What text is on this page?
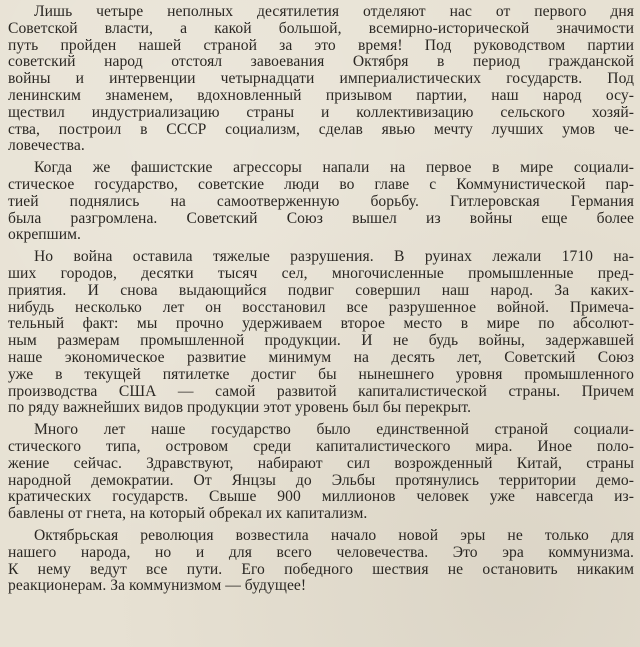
Лишь четыре неполных десятилетия отделяют нас от первого дня
Советской власти, а какой большой, всемирно-исторической значимости
путь пройден нашей страной за это время! Под руководством партии
советский народ отстоял завоевания Октября в период гражданской
войны и интервенции четырнадцати империалистических государств. Под
ленинским знаменем, вдохновленный призывом партии, наш народ осу-
ществил индустриализацию страны и коллективизацию сельского хозяй-
ства, построил в СССР социализм, сделав явью мечту лучших умов че-
ловечества.
Когда же фашистские агрессоры напали на первое в мире социали-
стическое государство, советские люди во главе с Коммунистической пар-
тией поднялись на самоотверженную борьбу. Гитлеровская Германия
была разгромлена. Советский Союз вышел из войны еще более
окрепшим.
Но война оставила тяжелые разрушения. В руинах лежали 1710 на-
ших городов, десятки тысяч сел, многочисленные промышленные пред-
приятия. И снова выдающийся подвиг совершил наш народ. За каких-
нибудь несколько лет он восстановил все разрушенное войной. Примеча-
тельный факт: мы прочно удерживаем второе место в мире по абсолют-
ным размерам промышленной продукции. И не будь войны, задержавшей
наше экономическое развитие минимум на десять лет, Советский Союз
уже в текущей пятилетке достиг бы нынешнего уровня промышленного
производства США — самой развитой капиталистической страны. Причем
по ряду важнейших видов продукции этот уровень был бы перекрыт.
Много лет наше государство было единственной страной социали-
стического типа, островом среди капиталистического мира. Иное поло-
жение сейчас. Здравствуют, набирают сил возрожденный Китай, страны
народной демократии. От Янцзы до Эльбы протянулись территории демо-
кратических государств. Свыше 900 миллионов человек уже навсегда из-
бавлены от гнета, на который обрекал их капитализм.
Октябрьская революция возвестила начало новой эры не только для
нашего народа, но и для всего человечества. Это эра коммунизма.
К нему ведут все пути. Его победного шествия не остановить никаким
реакционерам. За коммунизмом — будущее!
